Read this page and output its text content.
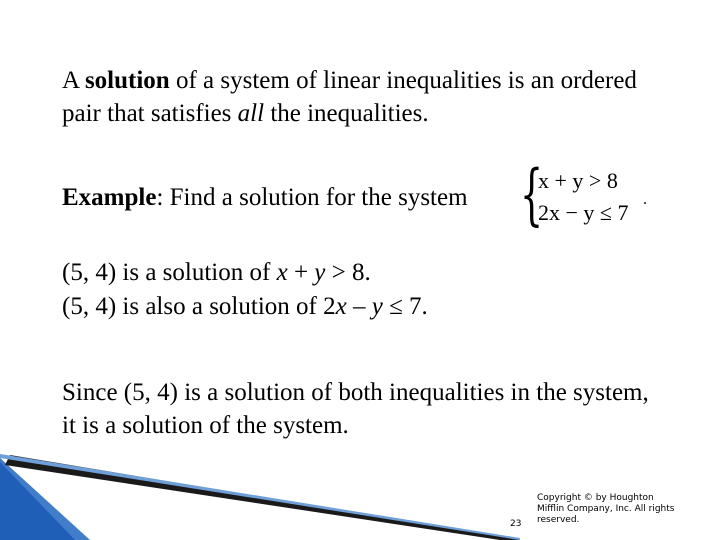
A solution of a system of linear inequalities is an ordered pair that satisfies all the inequalities.

Example: Find a solution for the system {
x + y > 8
2x − y ≤ 7
.

(5, 4) is a solution of x + y > 8.

(5, 4) is also a solution of 2x – y ≤ 7.

Since (5, 4) is a solution of both inequalities in the system, it is a solution of the system.

23
Copyright © by Houghton Mifflin Company, Inc. All rights reserved.
